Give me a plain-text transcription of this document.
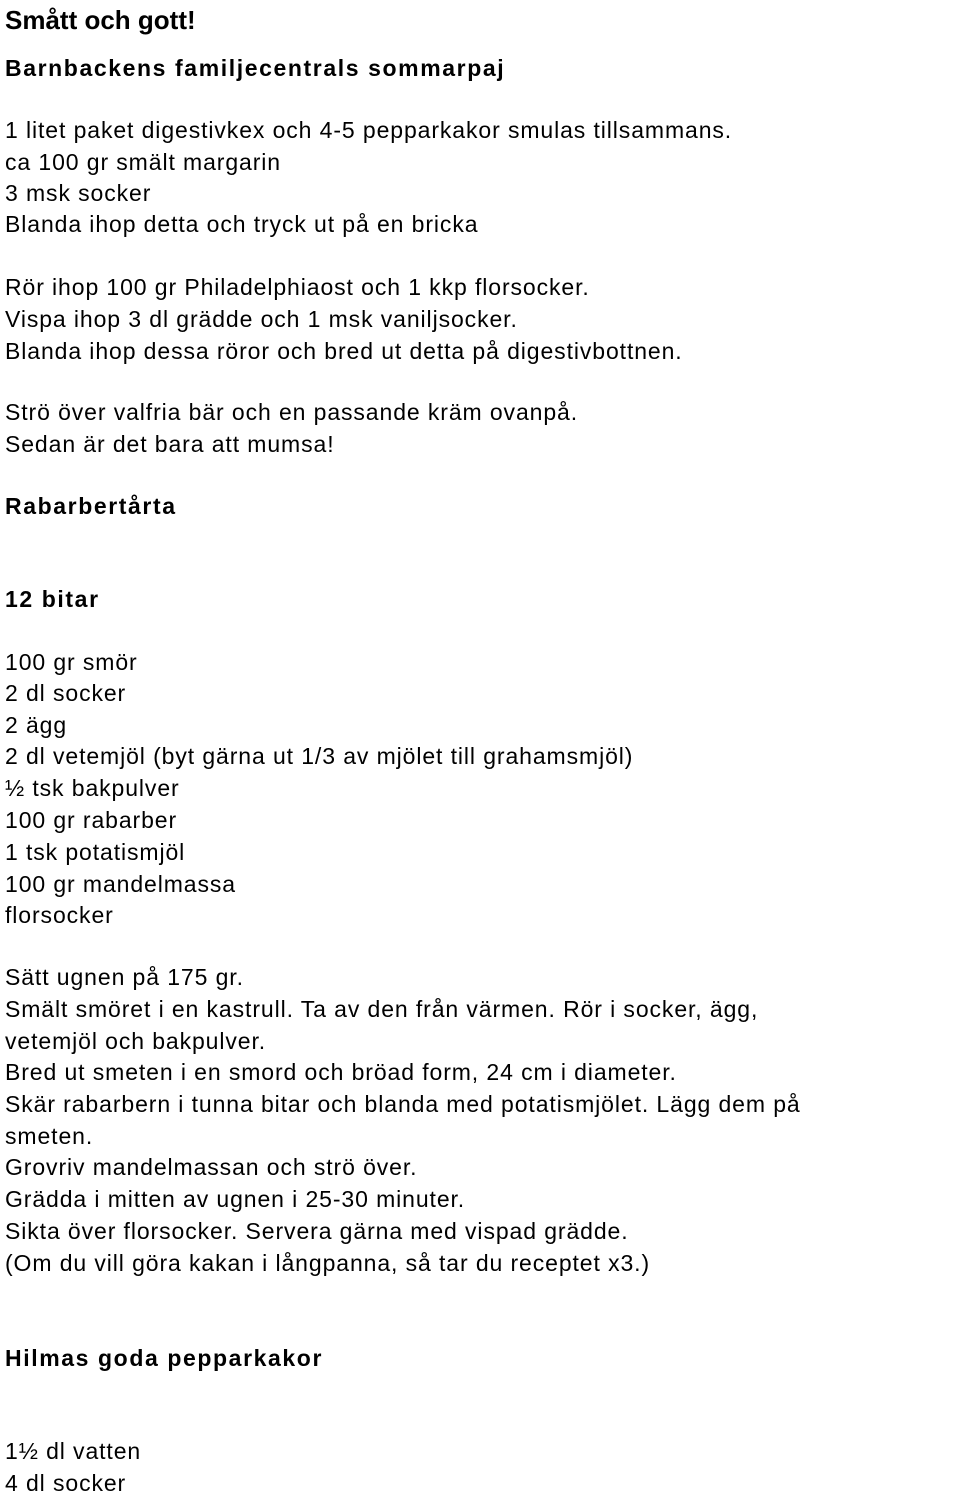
Smått och gott!
Barnbackens familjecentrals sommarpaj
1 litet paket digestivkex och 4-5 pepparkakor smulas tillsammans.
ca 100 gr smält margarin
3 msk socker
Blanda ihop detta och tryck ut på en bricka
Rör ihop 100 gr Philadelphiaost och 1 kkp florsocker.
Vispa ihop 3 dl grädde och 1 msk vaniljsocker.
Blanda ihop dessa röror och bred ut detta på digestivbottnen.
Strö över valfria bär och en passande kräm ovanpå.
Sedan är det bara att mumsa!
Rabarbertårta
12 bitar
100 gr smör
2 dl socker
2 ägg
2 dl vetemjöl (byt gärna ut 1/3 av mjölet till grahamsmjöl)
½ tsk bakpulver
100 gr rabarber
1 tsk potatismjöl
100 gr mandelmassa
florsocker
Sätt ugnen på 175 gr.
Smält smöret i en kastrull. Ta av den från värmen. Rör i socker, ägg,
vetemjöl och bakpulver.
Bred ut smeten i en smord och bröad form, 24 cm i diameter.
Skär rabarbern i tunna bitar och blanda med potatismjölet. Lägg dem på
smeten.
Grovriv mandelmassan och strö över.
Grädda i mitten av ugnen i 25-30 minuter.
Sikta över florsocker. Servera gärna med vispad grädde.
(Om du vill göra kakan i långpanna, så tar du receptet x3.)
Hilmas goda pepparkakor
1½ dl vatten
4 dl socker
